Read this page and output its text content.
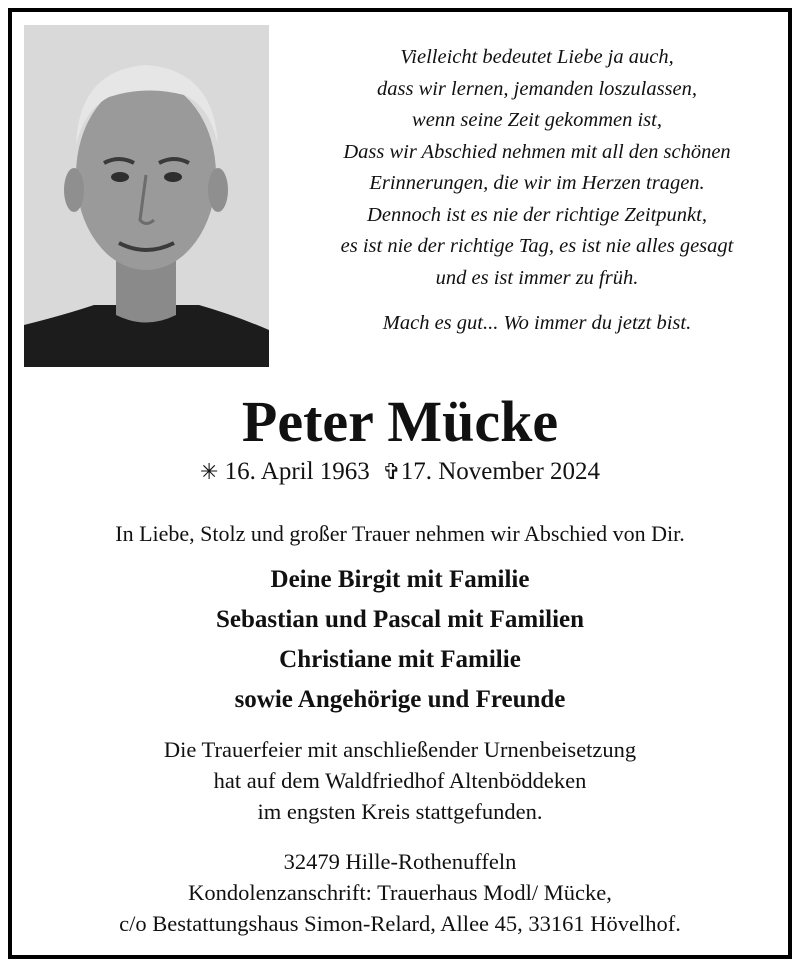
Vielleicht bedeutet Liebe ja auch,
dass wir lernen, jemanden loszulassen,
wenn seine Zeit gekommen ist,
Dass wir Abschied nehmen mit all den schönen
Erinnerungen, die wir im Herzen tragen.
Dennoch ist es nie der richtige Zeitpunkt,
es ist nie der richtige Tag, es ist nie alles gesagt
und es ist immer zu früh.
Mach es gut... Wo immer du jetzt bist.
Peter Mücke
✳ 16. April 1963 ✞17. November 2024
In Liebe, Stolz und großer Trauer nehmen wir Abschied von Dir.
Deine Birgit mit Familie
Sebastian und Pascal mit Familien
Christiane mit Familie
sowie Angehörige und Freunde
Die Trauerfeier mit anschließender Urnenbeisetzung
hat auf dem Waldfriedhof Altenböddeken
im engsten Kreis stattgefunden.
32479 Hille-Rothenuffeln
Kondolenzanschrift: Trauerhaus Modl/ Mücke,
c/o Bestattungshaus Simon-Relard, Allee 45, 33161 Hövelhof.
